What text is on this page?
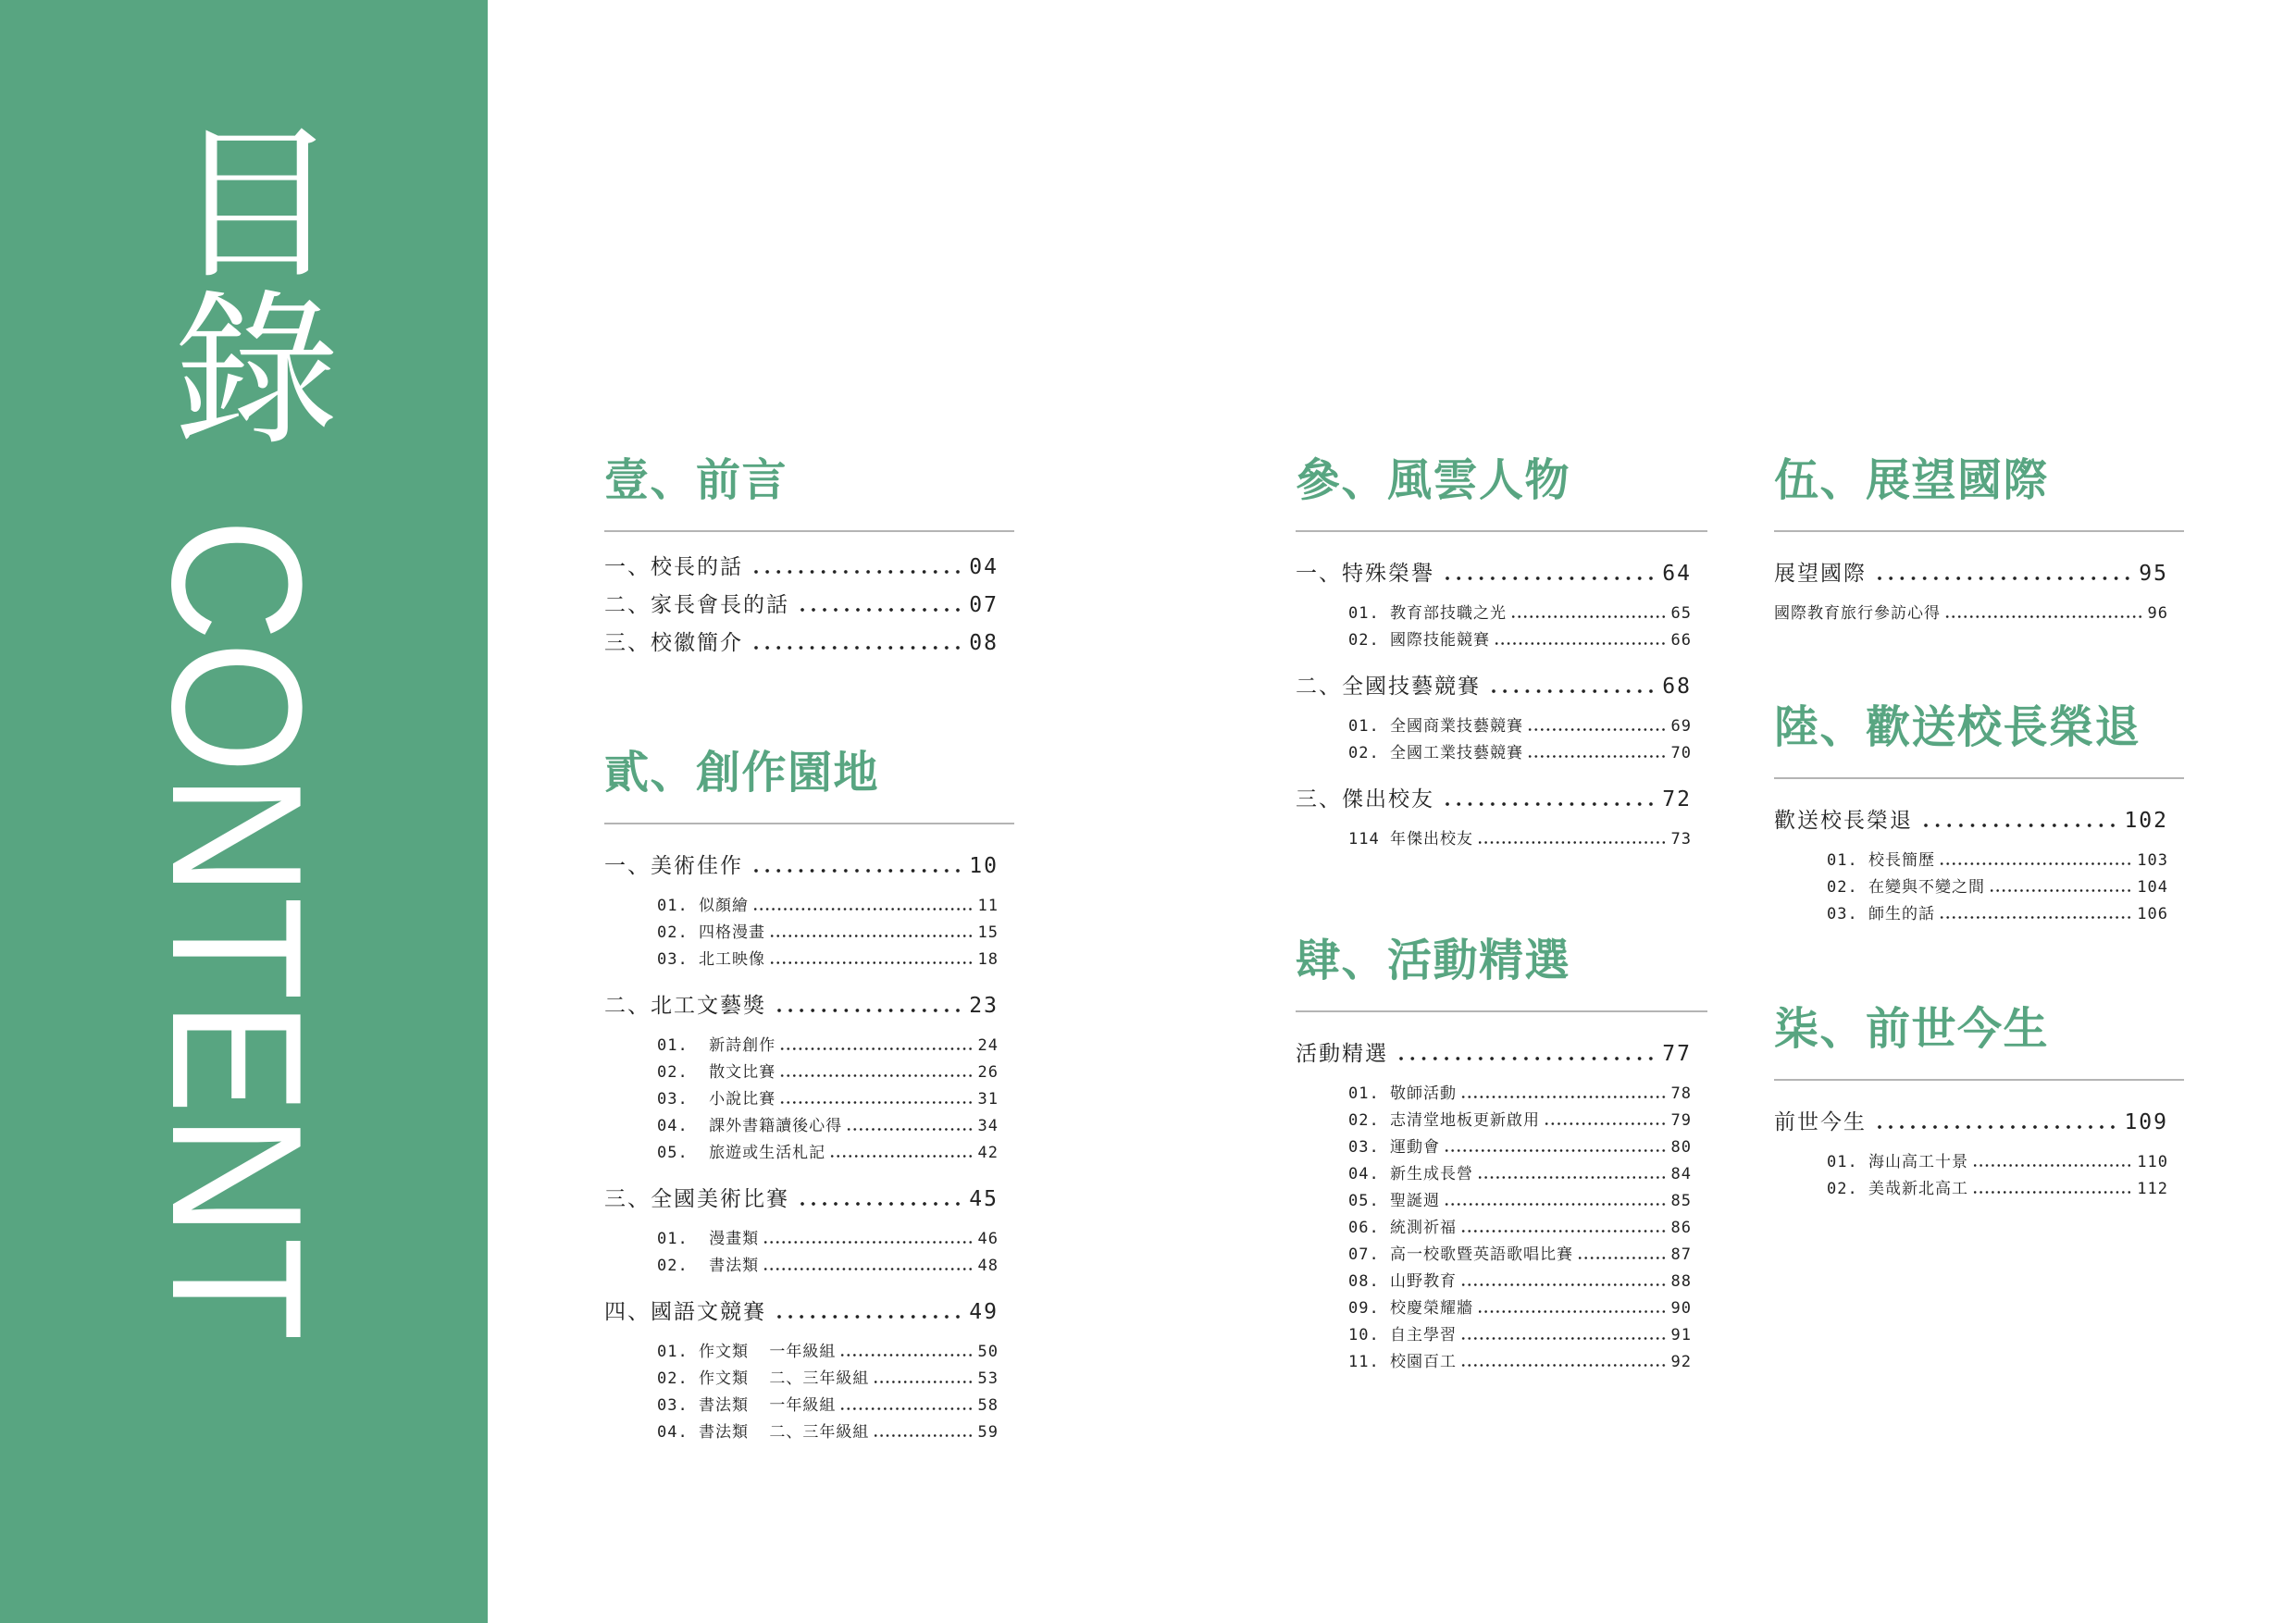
目錄
CONTENT
壹、前言
一、校長的話	04
二、家長會長的話	07
三、校徽簡介	08
貳、創作園地
一、美術佳作	10
01. 似顏繪	11
02. 四格漫畫	15
03. 北工映像	18
二、北工文藝獎	23
01.  新詩創作	24
02.  散文比賽	26
03.  小說比賽	31
04.  課外書籍讀後心得	34
05.  旅遊或生活札記	42
三、全國美術比賽	45
01.  漫畫類	46
02.  書法類	48
四、國語文競賽	49
01. 作文類  一年級組	50
02. 作文類  二、三年級組	53
03. 書法類  一年級組	58
04. 書法類  二、三年級組	59
參、風雲人物
一、特殊榮譽	64
01. 教育部技職之光	65
02. 國際技能競賽	66
二、全國技藝競賽	68
01. 全國商業技藝競賽	69
02. 全國工業技藝競賽	70
三、傑出校友	72
114 年傑出校友	73
肆、活動精選
活動精選	77
01. 敬師活動	78
02. 志清堂地板更新啟用	79
03. 運動會	80
04. 新生成長營	84
05. 聖誕週	85
06. 統測祈福	86
07. 高一校歌暨英語歌唱比賽	87
08. 山野教育	88
09. 校慶榮耀牆	90
10. 自主學習	91
11. 校園百工	92
伍、展望國際
展望國際	95
國際教育旅行參訪心得	96
陸、歡送校長榮退
歡送校長榮退	102
01. 校長簡歷	103
02. 在變與不變之間	104
03. 師生的話	106
柒、前世今生
前世今生	109
01. 海山高工十景	110
02. 美哉新北高工	112
